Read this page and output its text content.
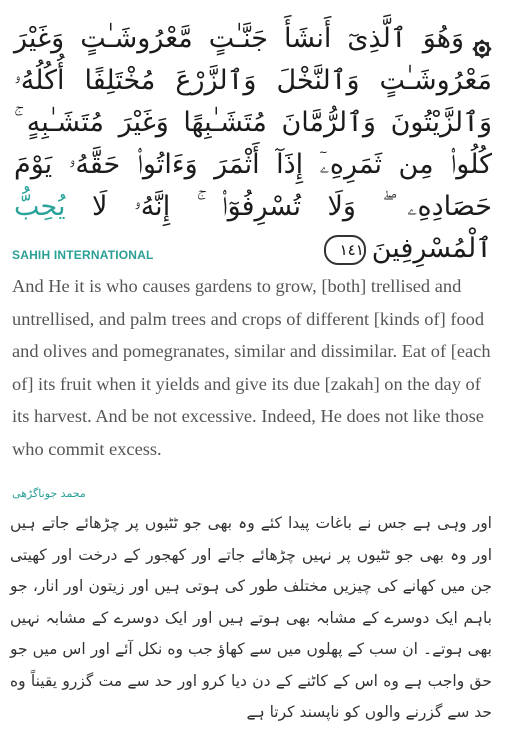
وَهُوَ ٱلَّذِىٓ أَنشَأَ جَنَّـٰتٍ مَّعْرُوشَـٰتٍ وَغَيْرَ مَعْرُوشَـٰتٍ وَٱلنَّخْلَ وَٱلزَّرْعَ مُخْتَلِفًا أُكُلُهُۥ وَٱلزَّيْتُونَ وَٱلرُّمَّانَ مُتَشَـٰبِهًا وَغَيْرَ مُتَشَـٰبِهٍ ۚ كُلُوا۟ مِن ثَمَرِهِۦٓ إِذَآ أَثْمَرَ وَءَاتُوا۟ حَقَّهُۥ يَوْمَ حَصَادِهِۦ ۖ وَلَا تُسْرِفُوٓا۟ ۚ إِنَّهُۥ لَا يُحِبُّ ٱلْمُسْرِفِينَ١٤١
SAHIH INTERNATIONAL
And He it is who causes gardens to grow, [both] trellised and untrellised, and palm trees and crops of different [kinds of] food and olives and pomegranates, similar and dissimilar. Eat of [each of] its fruit when it yields and give its due [zakah] on the day of its harvest. And be not excessive. Indeed, He does not like those who commit excess.
محمد جوناگڑھی
اور وہی ہے جس نے باغات پیدا کئے وہ بھی جو ٹٹیوں پر چڑھائے جاتے ہیں اور وہ بھی جو ٹٹیوں پر نہیں چڑھائے جاتے اور کھجور کے درخت اور کھیتی جن میں کھانے کی چیزیں مختلف طور کی ہوتی ہیں اور زیتون اور انار، جو باہم ایک دوسرے کے مشابہ بھی ہوتے ہیں اور ایک دوسرے کے مشابہ نہیں بھی ہوتے۔ ان سب کے پھلوں میں سے کھاؤ جب وه نکل آئے اور اس میں جو حق واجب ہے وه اس کے کاٹنے کے دن دیا کرو اور حد سے مت گزرو یقیناً وه حد سے گزرنے والوں کو ناپسند کرتا ہے
